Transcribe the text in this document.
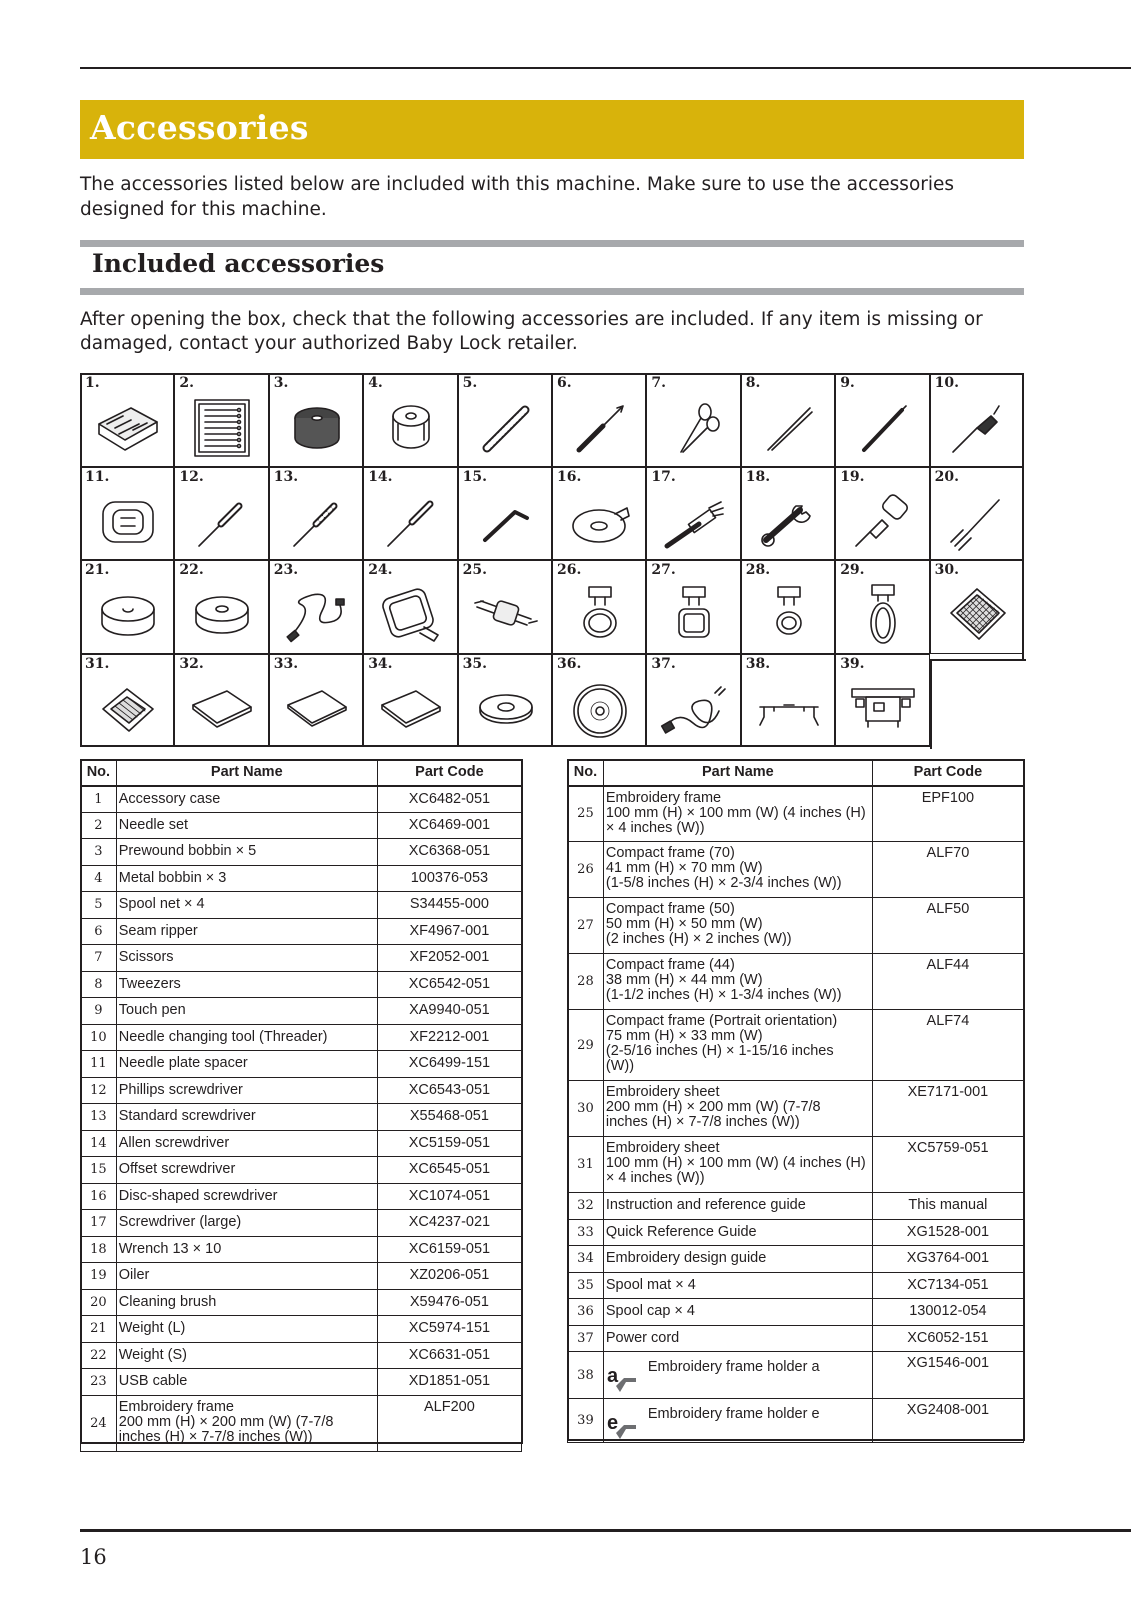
Accessories

The accessories listed below are included with this machine. Make sure to use the accessories designed for this machine.

Included accessories

After opening the box, check that the following accessories are included. If any item is missing or damaged, contact your authorized Baby Lock retailer.

1.	2.	3.	4.	5.	6.	7.	8.	9.	10.
11.	12.	13.	14.	15.	16.	17.	18.	19.	20.
21.	22.	23.	24.	25.	26.	27.	28.	29.	30.
31.	32.	33.	34.	35.	36.	37.	38.	39.
No.	Part Name	Part Code
1	Accessory case	XC6482-051
2	Needle set	XC6469-001
3	Prewound bobbin × 5	XC6368-051
4	Metal bobbin × 3	100376-053
5	Spool net × 4	S34455-000
6	Seam ripper	XF4967-001
7	Scissors	XF2052-001
8	Tweezers	XC6542-051
9	Touch pen	XA9940-051
10	Needle changing tool (Threader)	XF2212-001
11	Needle plate spacer	XC6499-151
12	Phillips screwdriver	XC6543-051
13	Standard screwdriver	X55468-051
14	Allen screwdriver	XC5159-051
15	Offset screwdriver	XC6545-051
16	Disc-shaped screwdriver	XC1074-051
17	Screwdriver (large)	XC4237-021
18	Wrench 13 × 10	XC6159-051
19	Oiler	XZ0206-051
20	Cleaning brush	X59476-051
21	Weight (L)	XC5974-151
22	Weight (S)	XC6631-051
23	USB cable	XD1851-051
24	Embroidery frame
200 mm (H) × 200 mm (W) (7-7/8
inches (H) × 7-7/8 inches (W))	ALF200
No.	Part Name	Part Code
25	Embroidery frame
100 mm (H) × 100 mm (W) (4 inches (H)
× 4 inches (W))	EPF100
26	Compact frame (70)
41 mm (H) × 70 mm (W)
(1-5/8 inches (H) × 2-3/4 inches (W))	ALF70
27	Compact frame (50)
50 mm (H) × 50 mm (W)
(2 inches (H) × 2 inches (W))	ALF50
28	Compact frame (44)
38 mm (H) × 44 mm (W)
(1-1/2 inches (H) × 1-3/4 inches (W))	ALF44
29	Compact frame (Portrait orientation)
75 mm (H) × 33 mm (W)
(2-5/16 inches (H) × 1-15/16 inches
(W))	ALF74
30	Embroidery sheet
200 mm (H) × 200 mm (W) (7-7/8
inches (H) × 7-7/8 inches (W))	XE7171-001
31	Embroidery sheet
100 mm (H) × 100 mm (W) (4 inches (H)
× 4 inches (W))	XC5759-051
32	Instruction and reference guide	This manual
33	Quick Reference Guide	XG1528-001
34	Embroidery design guide	XG3764-001
35	Spool mat × 4	XC7134-051
36	Spool cap × 4	130012-054
37	Power cord	XC6052-151
38	a Embroidery frame holder a	XG1546-001
39	e Embroidery frame holder e	XG2408-001
16
